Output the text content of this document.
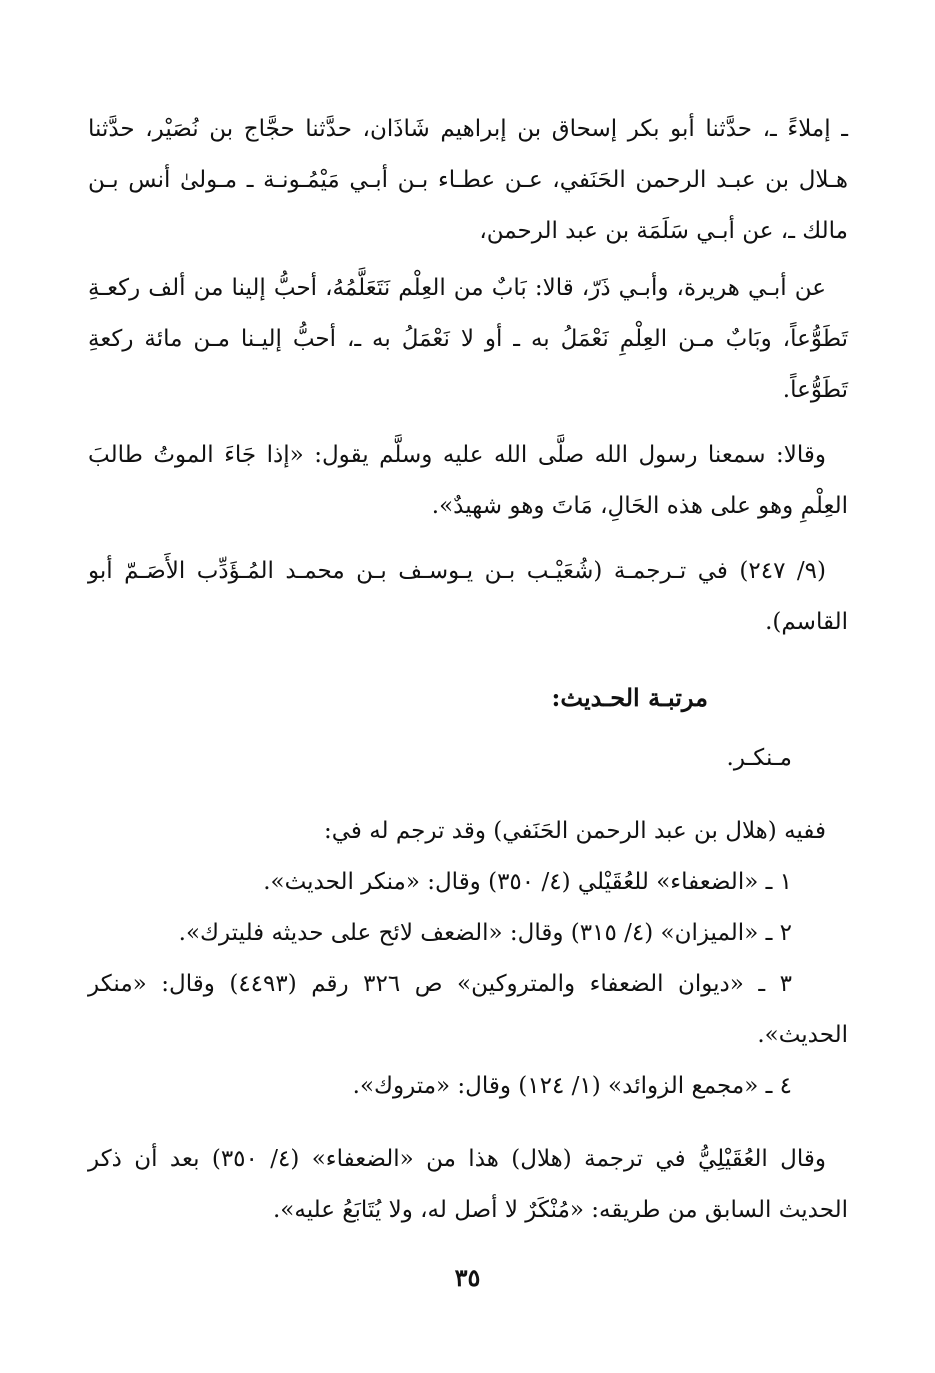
ـ إملاءً ـ، حدَّثنا أبو بكر إسحاق بن إبراهيم شَاذَان، حدَّثنا حجَّاج بن نُصَيْر، حدَّثنا هـلال بن عبـد الرحمن الحَنَفي، عـن عطـاء بـن أبـي مَيْمُـونـة ـ مـولىٰ أنس بـن مالك ـ، عن أبـي سَلَمَة بن عبد الرحمن،

عن أبـي هريرة، وأبـي ذَرّ، قالا: بَابٌ من العِلْم نَتَعَلَّمُهُ، أحبُّ إلينا من ألف ركعـةِ تَطَوُّعاً، وبَابٌ مـن العِلْمِ نَعْمَلُ به ـ أو لا نَعْمَلُ به ـ، أحبُّ إليـنا مـن مائة ركعةِ تَطَوُّعاً.

وقالا: سمعنا رسول الله صلَّى الله عليه وسلَّم يقول: «إذا جَاءَ الموتُ طالبَ العِلْمِ وهو على هذه الحَالِ، مَاتَ وهو شهيدٌ».

(٩/ ٢٤٧) في تـرجمـة (شُعَيْـب بـن يـوسـف بـن محمـد المُـؤَدِّب الأَصَـمّ أبو القاسم).

مرتبـة الحـديث:

مـنكـر.

ففيه (هلال بن عبد الرحمن الحَنَفي) وقد ترجم له في:

١ ـ «الضعفاء» للعُقَيْلي (٤/ ٣٥٠) وقال: «منكر الحديث».

٢ ـ «الميزان» (٤/ ٣١٥) وقال: «الضعف لائح على حديثه فليترك».

٣ ـ «ديوان الضعفاء والمتروكين» ص ٣٢٦ رقم (٤٤٩٣) وقال: «منكر الحديث».

٤ ـ «مجمع الزوائد» (١/ ١٢٤) وقال: «متروك».

وقال العُقَيْلِيُّ في ترجمة (هلال) هذا من «الضعفاء» (٤/ ٣٥٠) بعد أن ذكر الحديث السابق من طريقه: «مُنْكَرٌ لا أصل له، ولا يُتَابَعُ عليه».

٣٥
